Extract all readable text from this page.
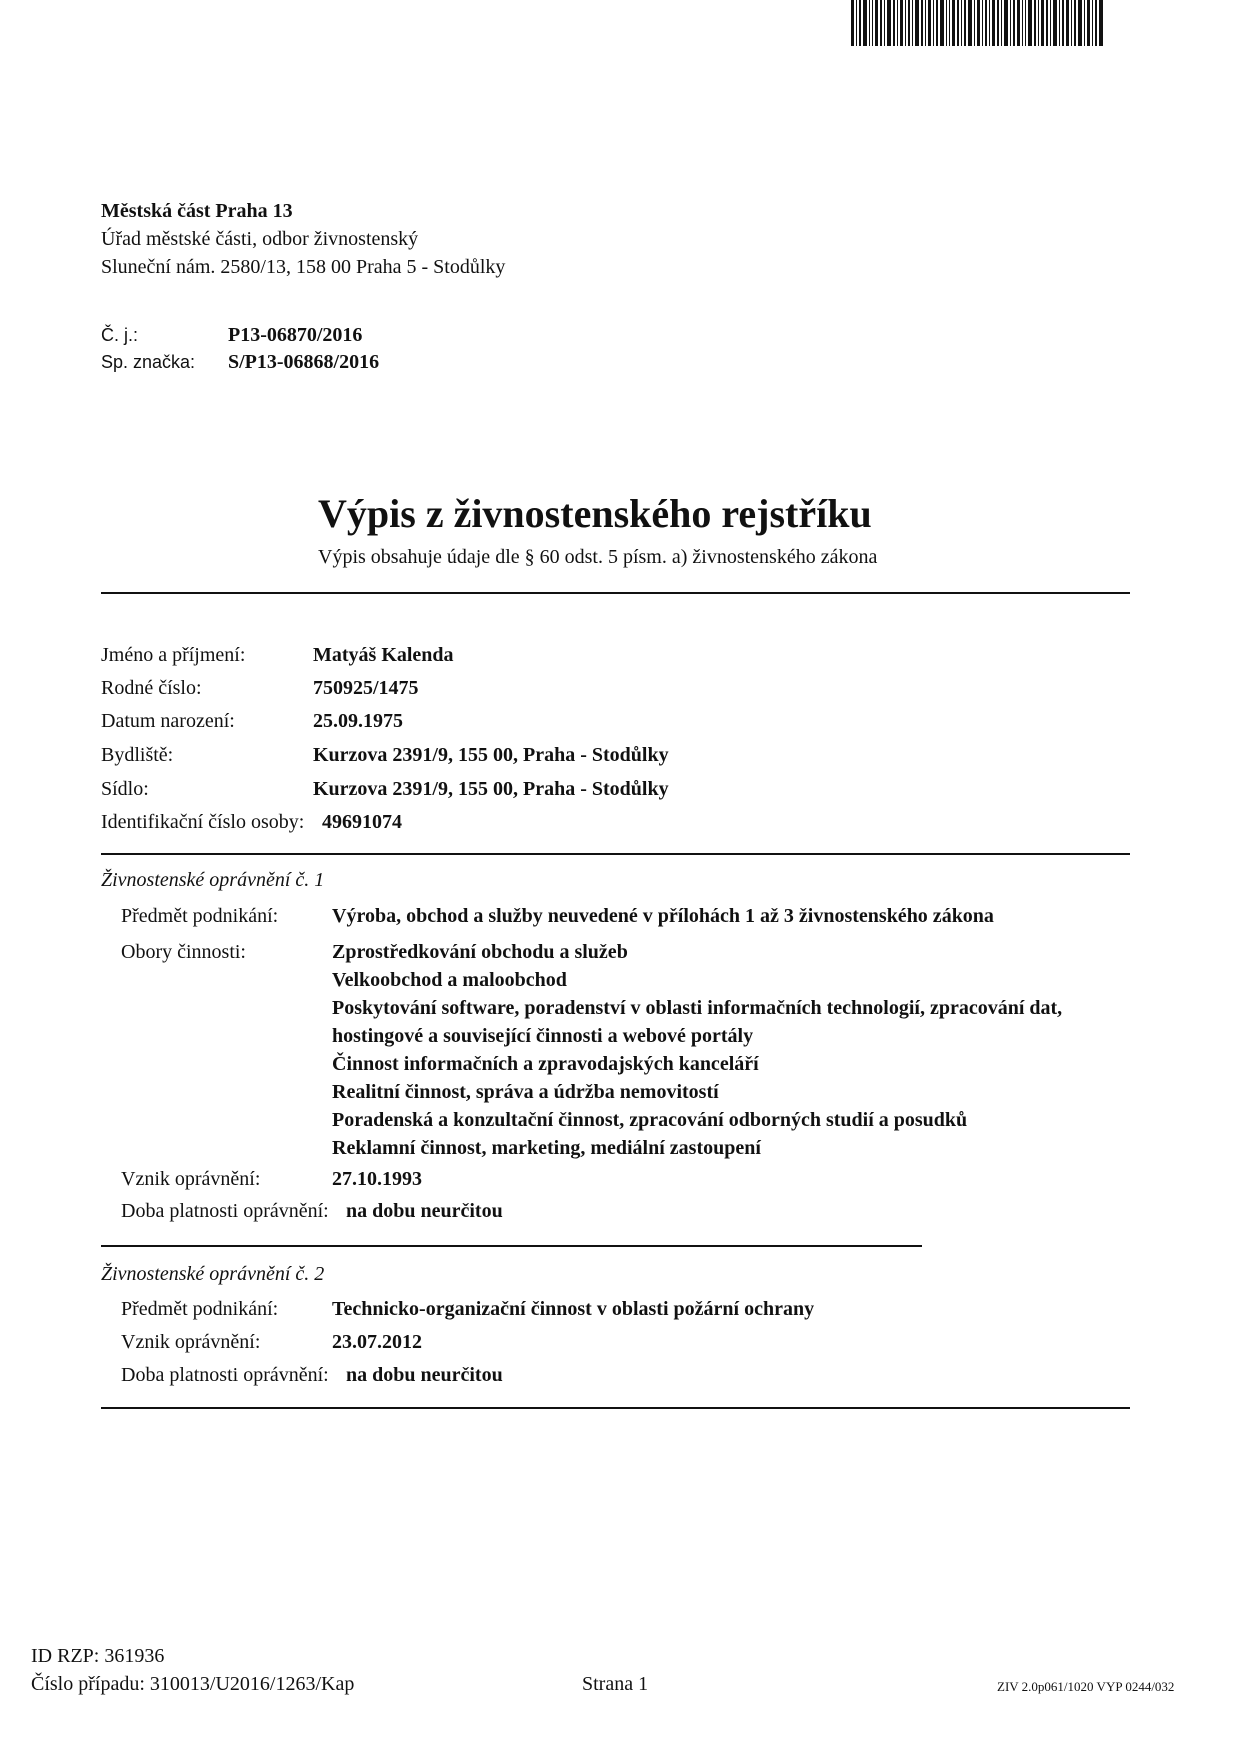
Městská část Praha 13
Úřad městské části, odbor živnostenský
Sluneční nám. 2580/13, 158 00 Praha 5 - Stodůlky
Č. j.:	P13-06870/2016
Sp. značka: S/P13-06868/2016
Výpis z živnostenského rejstříku
Výpis obsahuje údaje dle § 60 odst. 5 písm. a) živnostenského zákona
Jméno a příjmení:	Matyáš Kalenda
Rodné číslo:	750925/1475
Datum narození:	25.09.1975
Bydliště:	Kurzova 2391/9, 155 00, Praha - Stodůlky
Sídlo:	Kurzova 2391/9, 155 00, Praha - Stodůlky
Identifikační číslo osoby: 49691074
Živnostenské oprávnění č. 1
Předmět podnikání:	Výroba, obchod a služby neuvedené v přílohách 1 až 3 živnostenského zákona
Obory činnosti:	Zprostředkování obchodu a služeb
Velkoobchod a maloobchod
Poskytování software, poradenství v oblasti informačních technologií, zpracování dat,
hostingové a související činnosti a webové portály
Činnost informačních a zpravodajských kanceláří
Realitní činnost, správa a údržba nemovitostí
Poradenská a konzultační činnost, zpracování odborných studií a posudků
Reklamní činnost, marketing, mediální zastoupení
Vznik oprávnění:	27.10.1993
Doba platnosti oprávnění: na dobu neurčitou
Živnostenské oprávnění č. 2
Předmět podnikání:	Technicko-organizační činnost v oblasti požární ochrany
Vznik oprávnění:	23.07.2012
Doba platnosti oprávnění: na dobu neurčitou
ID RZP: 361936
Číslo případu: 310013/U2016/1263/Kap	Strana 1	ZIV 2.0p061/1020 VYP 0244/032
